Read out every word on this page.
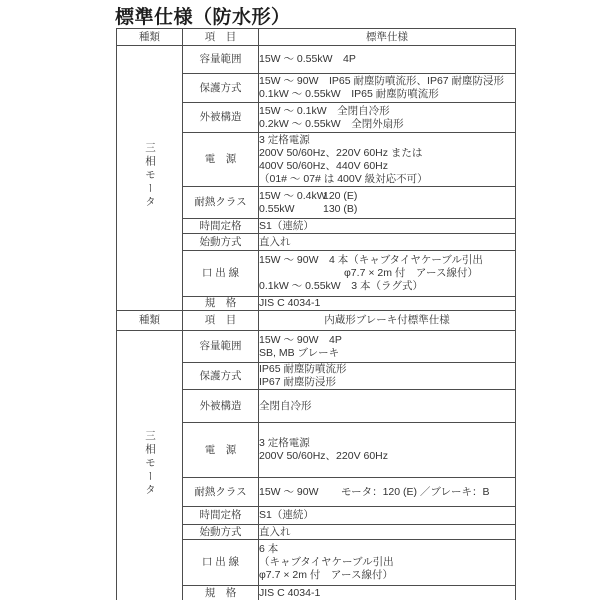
標準仕様（防水形）
種類	項　目	標準仕様
三相モータ	容量範囲	15W ～ 0.55kW　4P

	保護方式	15W ～ 90W　IP65 耐塵防噴流形、IP67 耐塵防浸形
0.1kW ～ 0.55kW　IP65 耐塵防噴流形

	外被構造	15W ～ 0.1kW　全閉自冷形
0.2kW ～ 0.55kW　全閉外扇形

	電　源	3 定格電源
200V 50/60Hz、220V 60Hz または
400V 50/60Hz、440V 60Hz
（01# ～ 07# は 400V 級対応不可）

	耐熱クラス	15W ～ 0.4kW120 (E)
0.55kW 130 (B)

	時間定格	S1（連続）

	始動方式	直入れ

	口 出 線	15W ～ 90W　4 本（キャブタイヤケーブル引出
φ7.7 × 2m 付　アース線付）
0.1kW ～ 0.55kW　3 本（ラグ式）

	規　格	JIS C 4034-1
種類	項　目	内蔵形ブレーキ付標準仕様
三相モータ	容量範囲	15W ～ 90W　4P
SB, MB ブレーキ

	保護方式	IP65 耐塵防噴流形
IP67 耐塵防浸形

	外被構造	全閉自冷形

	電　源	3 定格電源
200V 50/60Hz、220V 60Hz

	耐熱クラス	15W ～ 90W モータ：120 (E) ／ブレーキ：B

	時間定格	S1（連続）

	始動方式	直入れ

	口 出 線	6 本
（キャブタイヤケーブル引出
φ7.7 × 2m 付　アース線付）

	規　格	JIS C 4034-1
